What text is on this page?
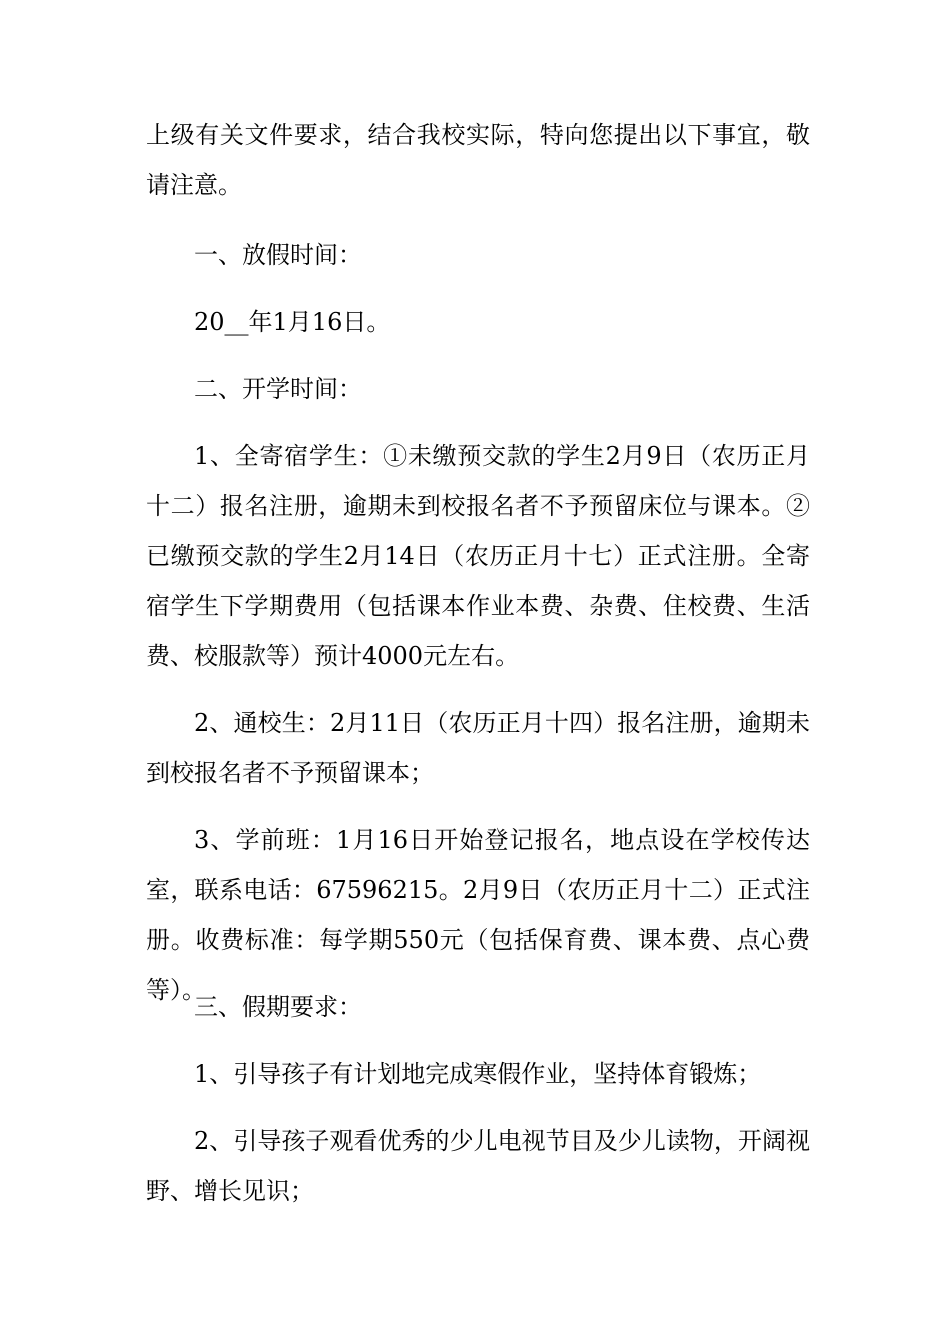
上级有关文件要求，结合我校实际，特向您提出以下事宜，敬请注意。

一、放假时间：

20__年1月16日。

二、开学时间：

1、全寄宿学生：①未缴预交款的学生2月9日（农历正月十二）报名注册，逾期未到校报名者不予预留床位与课本。②已缴预交款的学生2月14日（农历正月十七）正式注册。全寄宿学生下学期费用（包括课本作业本费、杂费、住校费、生活费、校服款等）预计4000元左右。

2、通校生：2月11日（农历正月十四）报名注册，逾期未到校报名者不予预留课本；

3、学前班：1月16日开始登记报名，地点设在学校传达室，联系电话：67596215。2月9日（农历正月十二）正式注册。收费标准：每学期550元（包括保育费、课本费、点心费等）。

三、假期要求：

1、引导孩子有计划地完成寒假作业，坚持体育锻炼；

2、引导孩子观看优秀的少儿电视节目及少儿读物，开阔视野、增长见识；
